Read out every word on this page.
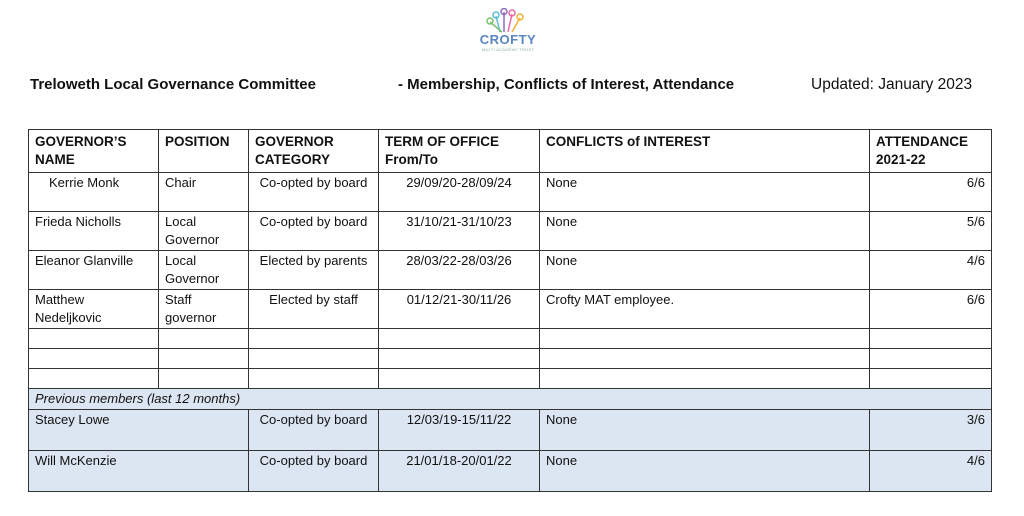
CROFTY
MULTI ACADEMY TRUST
Treloweth Local Governance Committee	- Membership, Conflicts of Interest, Attendance	Updated: January 2023
GOVERNOR’S NAME	POSITION	GOVERNOR CATEGORY	TERM OF OFFICE From/To	CONFLICTS of INTEREST	ATTENDANCE 2021-22
Kerrie Monk	Chair	Co-opted by board	29/09/20-28/09/24	None	6/6
Frieda Nicholls	Local Governor	Co-opted by board	31/10/21-31/10/23	None	5/6
Eleanor Glanville	Local Governor	Elected by parents	28/03/22-28/03/26	None	4/6
Matthew Nedeljkovic	Staff governor	Elected by staff	01/12/21-30/11/26	Crofty MAT employee.	6/6

Previous members (last 12 months)					
Stacey Lowe		Co-opted by board	12/03/19-15/11/22	None	3/6
Will McKenzie		Co-opted by board	21/01/18-20/01/22	None	4/6
